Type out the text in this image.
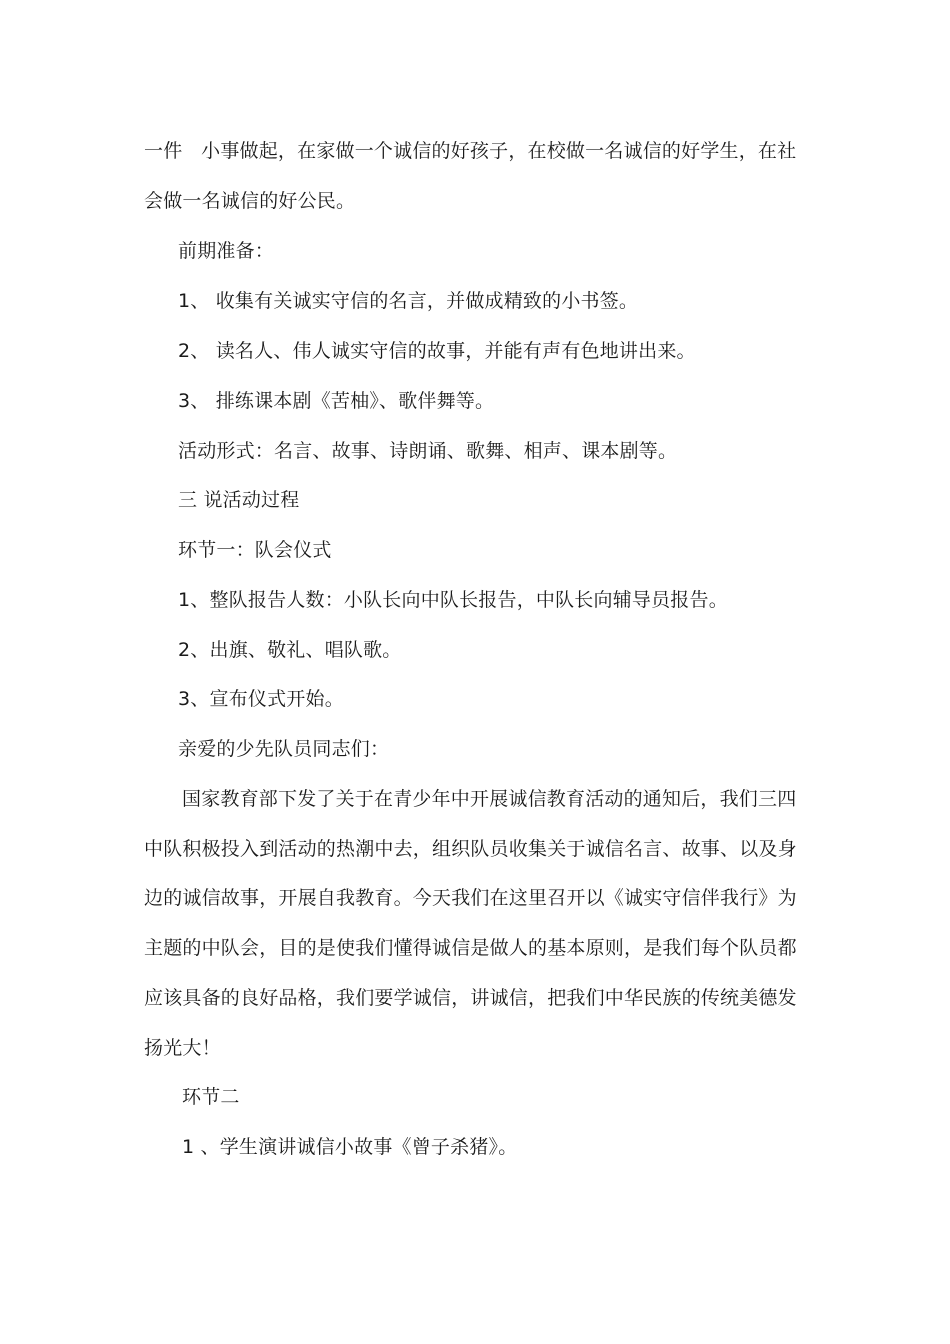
一件   小事做起，在家做一个诚信的好孩子，在校做一名诚信的好学生，在社
会做一名诚信的好公民。
前期准备：
1、 收集有关诚实守信的名言，并做成精致的小书签。
2、 读名人、伟人诚实守信的故事，并能有声有色地讲出来。
3、 排练课本剧《苦柚》、歌伴舞等。
活动形式：名言、故事、诗朗诵、歌舞、相声、课本剧等。
三 说活动过程
环节一：队会仪式
1、整队报告人数：小队长向中队长报告，中队长向辅导员报告。
2、出旗、敬礼、唱队歌。
3、宣布仪式开始。
亲爱的少先队员同志们：
国家教育部下发了关于在青少年中开展诚信教育活动的通知后，我们三四
中队积极投入到活动的热潮中去，组织队员收集关于诚信名言、故事、以及身
边的诚信故事，开展自我教育。今天我们在这里召开以《诚实守信伴我行》为
主题的中队会，目的是使我们懂得诚信是做人的基本原则，是我们每个队员都
应该具备的良好品格，我们要学诚信，讲诚信，把我们中华民族的传统美德发
扬光大！
环节二
1 、学生演讲诚信小故事《曾子杀猪》。
